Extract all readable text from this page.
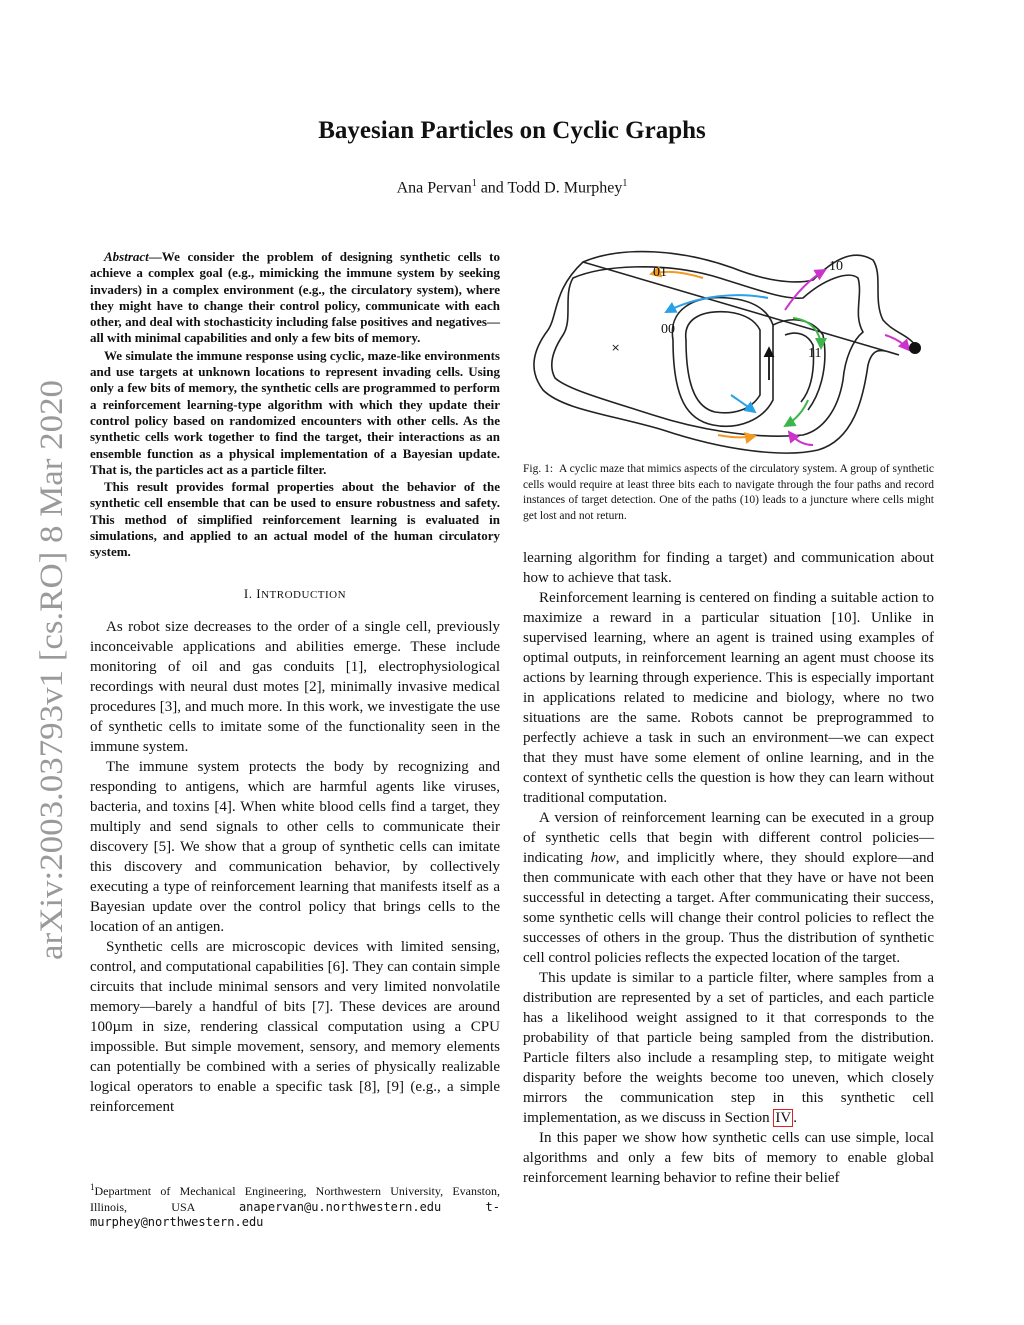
arXiv:2003.03793v1 [cs.RO] 8 Mar 2020
Bayesian Particles on Cyclic Graphs
Ana Pervan$^1$ and Todd D. Murphey$^1$

Abstract—We consider the problem of designing synthetic cells to achieve a complex goal (e.g., mimicking the immune system by seeking invaders) in a complex environment (e.g., the circulatory system), where they might have to change their control policy, communicate with each other, and deal with stochasticity including false positives and negatives—all with minimal capabilities and only a few bits of memory.

We simulate the immune response using cyclic, maze-like environments and use targets at unknown locations to represent invading cells. Using only a few bits of memory, the synthetic cells are programmed to perform a reinforcement learning-type algorithm with which they update their control policy based on randomized encounters with other cells. As the synthetic cells work together to find the target, their interactions as an ensemble function as a physical implementation of a Bayesian update. That is, the particles act as a particle filter.

This result provides formal properties about the behavior of the synthetic cell ensemble that can be used to ensure robustness and safety. This method of simplified reinforcement learning is evaluated in simulations, and applied to an actual model of the human circulatory system.

I. INTRODUCTION

As robot size decreases to the order of a single cell, previously inconceivable applications and abilities emerge. These include monitoring of oil and gas conduits [1], electrophysiological recordings with neural dust motes [2], minimally invasive medical procedures [3], and much more. In this work, we investigate the use of synthetic cells to imitate some of the functionality seen in the immune system.

The immune system protects the body by recognizing and responding to antigens, which are harmful agents like viruses, bacteria, and toxins [4]. When white blood cells find a target, they multiply and send signals to other cells to communicate their discovery [5]. We show that a group of synthetic cells can imitate this discovery and communication behavior, by collectively executing a type of reinforcement learning that manifests itself as a Bayesian update over the control policy that brings cells to the location of an antigen.

Synthetic cells are microscopic devices with limited sensing, control, and computational capabilities [6]. They can contain simple circuits that include minimal sensors and very limited nonvolatile memory—barely a handful of bits [7]. These devices are around 100µm in size, rendering classical computation using a CPU impossible. But simple movement, sensory, and memory elements can potentially be combined with a series of physically realizable logical operators to enable a specific task [8], [9] (e.g., a simple reinforcement

$^1$Department of Mechanical Engineering, Northwestern University, Evanston, Illinois, USA	anapervan@u.northwestern.edu	t-murphey@northwestern.edu
×
01	10
00
11
Fig. 1: A cyclic maze that mimics aspects of the circulatory system. A group of synthetic cells would require at least three bits each to navigate through the four paths and record instances of target detection. One of the paths (10) leads to a juncture where cells might get lost and not return.

learning algorithm for finding a target) and communication about how to achieve that task.

Reinforcement learning is centered on finding a suitable action to maximize a reward in a particular situation [10]. Unlike in supervised learning, where an agent is trained using examples of optimal outputs, in reinforcement learning an agent must choose its actions by learning through experience. This is especially important in applications related to medicine and biology, where no two situations are the same. Robots cannot be preprogrammed to perfectly achieve a task in such an environment—we can expect that they must have some element of online learning, and in the context of synthetic cells the question is how they can learn without traditional computation.

A version of reinforcement learning can be executed in a group of synthetic cells that begin with different control policies—indicating how, and implicitly where, they should explore—and then communicate with each other that they have or have not been successful in detecting a target. After communicating their success, some synthetic cells will change their control policies to reflect the successes of others in the group. Thus the distribution of synthetic cell control policies reflects the expected location of the target.

This update is similar to a particle filter, where samples from a distribution are represented by a set of particles, and each particle has a likelihood weight assigned to it that corresponds to the probability of that particle being sampled from the distribution. Particle filters also include a resampling step, to mitigate weight disparity before the weights become too uneven, which closely mirrors the communication step in this synthetic cell implementation, as we discuss in Section IV .

In this paper we show how synthetic cells can use simple, local algorithms and only a few bits of memory to enable global reinforcement learning behavior to refine their belief
